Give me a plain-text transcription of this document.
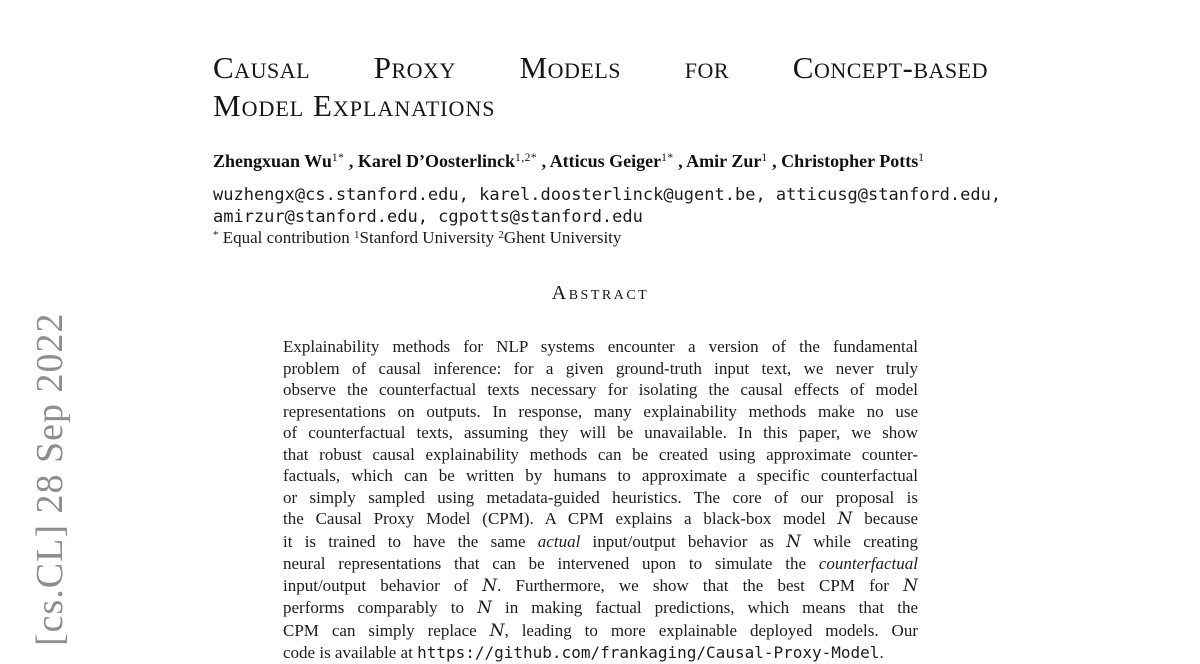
[cs.CL] 28 Sep 2022
Causal Proxy Models for Concept-based
Model Explanations
Zhengxuan $Wu^{1*}$ , Karel D’Oosterlinck$^{1,2*}$ , Atticus Geiger$^{1*}$ , Amir Zur$^1$ , Christopher Potts$^1$
wuzhengx@cs.stanford.edu, karel.doosterlinck@ugent.be, atticusg@stanford.edu,
amirzur@stanford.edu, cgpotts@stanford.edu
* Equal contribution $^1$Stanford University $^2$Ghent University
Abstract
Explainability methods for NLP systems encounter a version of the fundamental
problem of causal inference: for a given ground-truth input text, we never truly
observe the counterfactual texts necessary for isolating the causal effects of model
representations on outputs. In response, many explainability methods make no use
of counterfactual texts, assuming they will be unavailable. In this paper, we show
that robust causal explainability methods can be created using approximate counter-
factuals, which can be written by humans to approximate a specific counterfactual
or simply sampled using metadata-guided heuristics. The core of our proposal is
the Causal Proxy Model (CPM). A CPM explains a black-box model N because
it is trained to have the same actual input/output behavior as N while creating
neural representations that can be intervened upon to simulate the counterfactual
input/output behavior of N. Furthermore, we show that the best CPM for N
performs comparably to N in making factual predictions, which means that the
CPM can simply replace N, leading to more explainable deployed models. Our
code is available at https://github.com/frankaging/Causal-Proxy-Model.
